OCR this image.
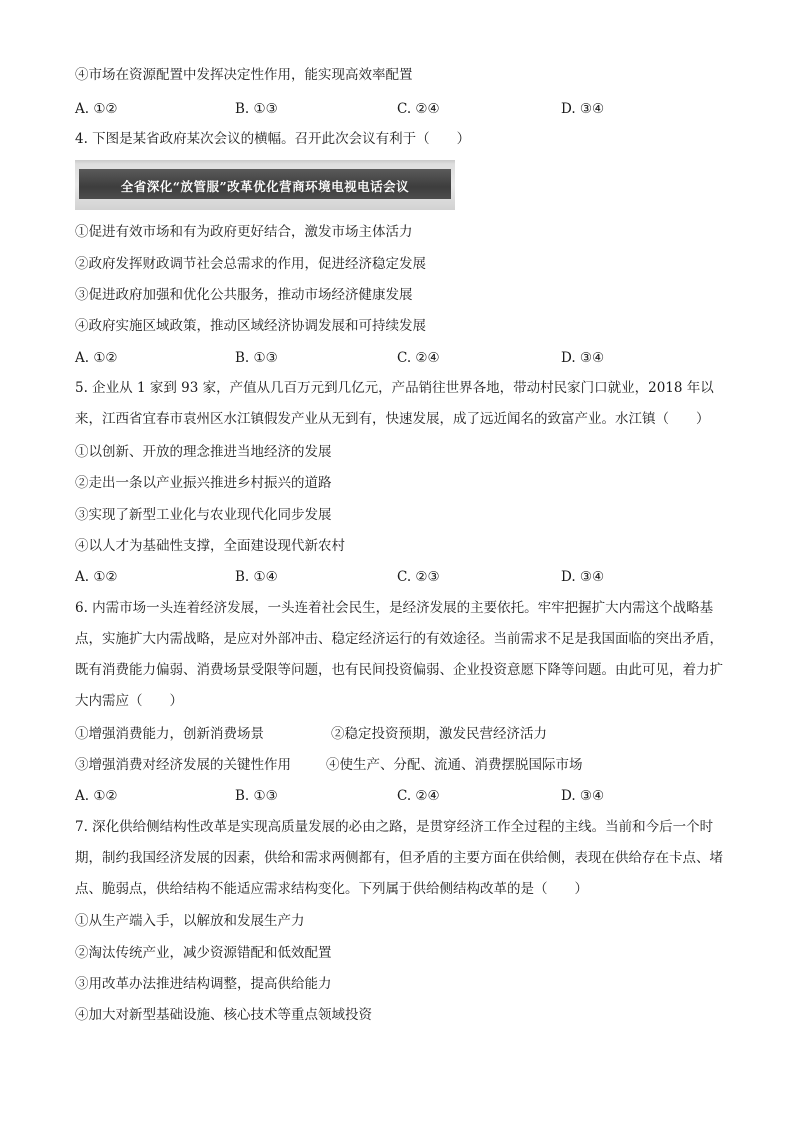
④市场在资源配置中发挥决定性作用，能实现高效率配置
A. ①②	B. ①③	C. ②④	D. ③④
4. 下图是某省政府某次会议的横幅。召开此次会议有利于（　　）
全省深化“放管服”改革优化营商环境电视电话会议
①促进有效市场和有为政府更好结合，激发市场主体活力
②政府发挥财政调节社会总需求的作用，促进经济稳定发展
③促进政府加强和优化公共服务，推动市场经济健康发展
④政府实施区域政策，推动区域经济协调发展和可持续发展
A. ①②	B. ①③	C. ②④	D. ③④
5. 企业从 1 家到 93 家，产值从几百万元到几亿元，产品销往世界各地，带动村民家门口就业，2018 年以来，江西省宜春市袁州区水江镇假发产业从无到有，快速发展，成了远近闻名的致富产业。水江镇（　　）
①以创新、开放的理念推进当地经济的发展
②走出一条以产业振兴推进乡村振兴的道路
③实现了新型工业化与农业现代化同步发展
④以人才为基础性支撑，全面建设现代新农村
A. ①②	B. ①④	C. ②③	D. ③④
6. 内需市场一头连着经济发展，一头连着社会民生，是经济发展的主要依托。牢牢把握扩大内需这个战略基点，实施扩大内需战略，是应对外部冲击、稳定经济运行的有效途径。当前需求不足是我国面临的突出矛盾，既有消费能力偏弱、消费场景受限等问题，也有民间投资偏弱、企业投资意愿下降等问题。由此可见，着力扩大内需应（　　）
①增强消费能力，创新消费场景	②稳定投资预期，激发民营经济活力
③增强消费对经济发展的关键性作用	④使生产、分配、流通、消费摆脱国际市场
A. ①②	B. ①③	C. ②④	D. ③④
7. 深化供给侧结构性改革是实现高质量发展的必由之路，是贯穿经济工作全过程的主线。当前和今后一个时期，制约我国经济发展的因素，供给和需求两侧都有，但矛盾的主要方面在供给侧，表现在供给存在卡点、堵点、脆弱点，供给结构不能适应需求结构变化。下列属于供给侧结构改革的是（　　）
①从生产端入手，以解放和发展生产力
②淘汰传统产业，减少资源错配和低效配置
③用改革办法推进结构调整，提高供给能力
④加大对新型基础设施、核心技术等重点领域投资
